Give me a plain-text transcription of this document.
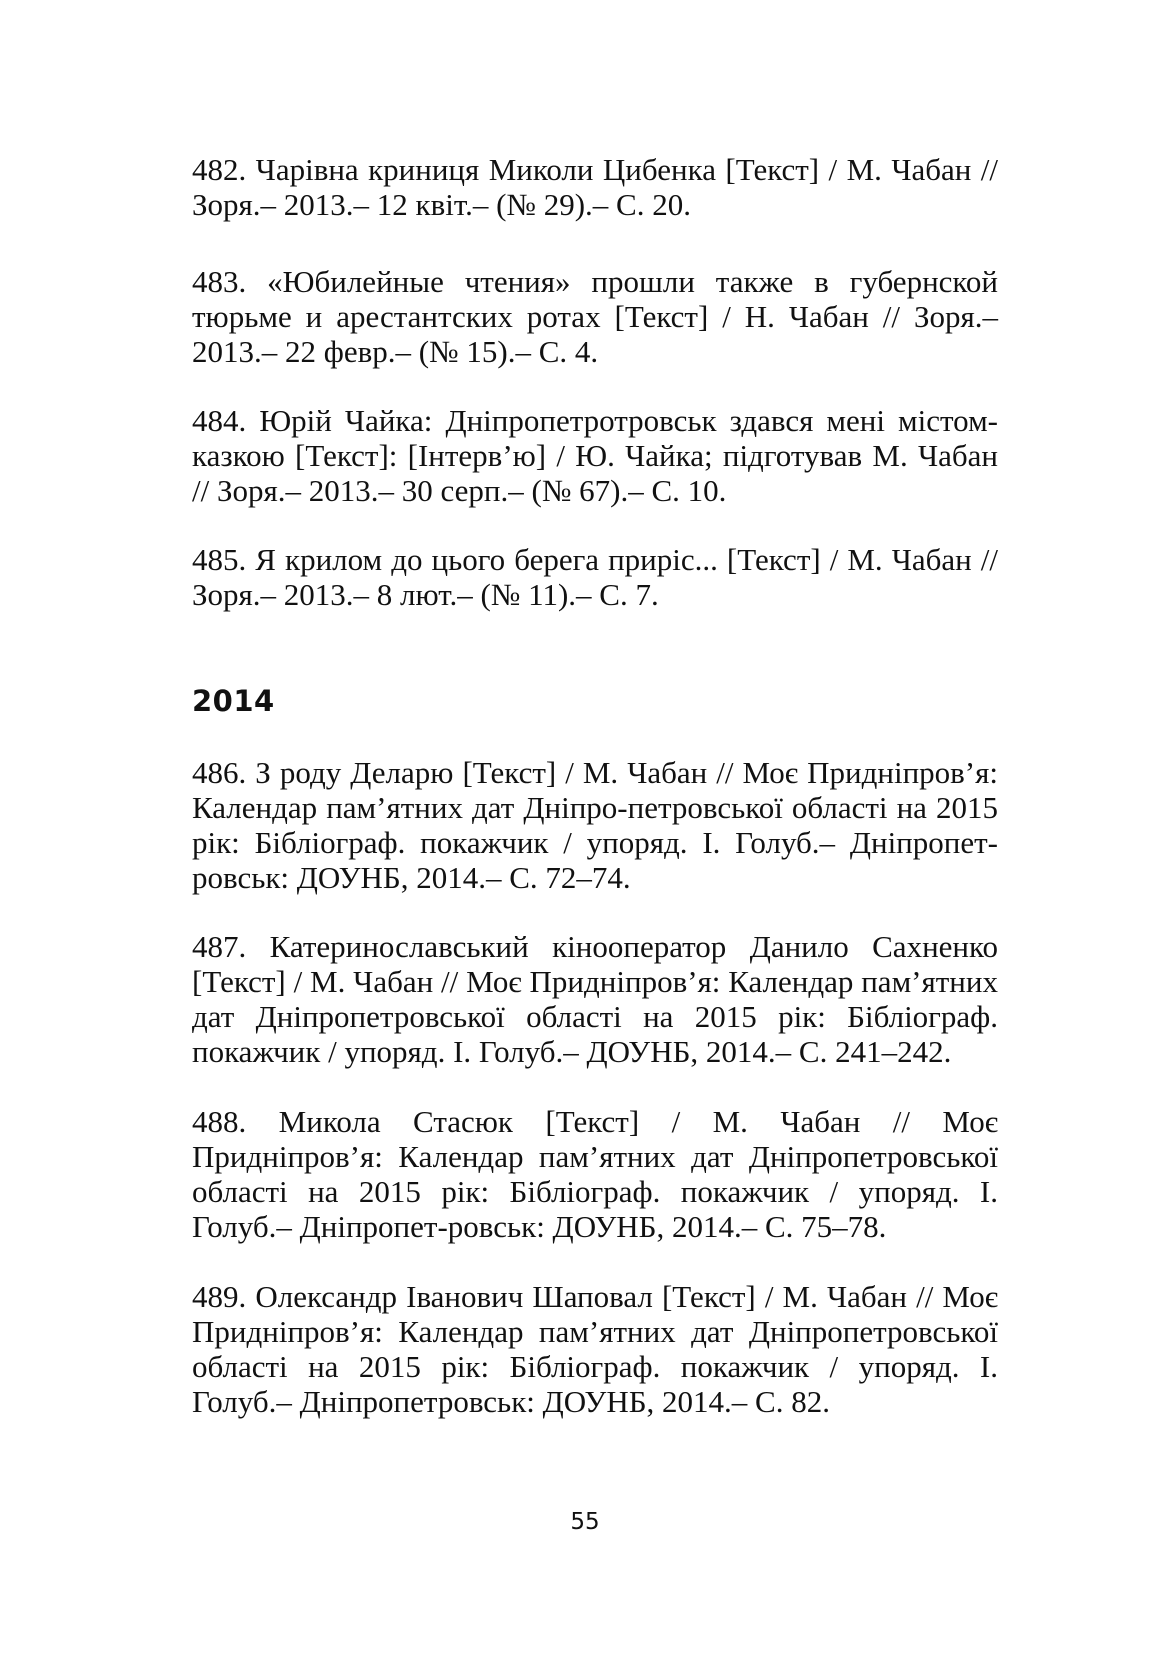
482. Чарівна криниця Миколи Цибенка [Текст] / М. Чабан // Зоря.– 2013.– 12 квіт.– (№ 29).– С. 20.

483. «Юбилейные чтения» прошли также в губернской тюрьме и арестантских ротах [Текст] / Н. Чабан // Зоря.– 2013.– 22 февр.– (№ 15).– С. 4.

484. Юрій Чайка: Дніпропетротровськ здався мені містом-казкою [Текст]: [Інтерв’ю] / Ю. Чайка; підготував М. Чабан // Зоря.– 2013.– 30 серп.– (№ 67).– С. 10.

485. Я крилом до цього берега приріс... [Текст] / М. Чабан // Зоря.– 2013.– 8 лют.– (№ 11).– С. 7.

2014

486. З роду Деларю [Текст] / М. Чабан // Моє Придніпров’я: Календар пам’ятних дат Дніпро-петровської області на 2015 рік: Бібліограф. покажчик / упоряд. І. Голуб.– Дніпропет-ровськ: ДОУНБ, 2014.– С. 72–74.

487. Катеринославський кінооператор Данило Сахненко [Текст] / М. Чабан // Моє Придніпров’я: Календар пам’ятних дат Дніпропетровської області на 2015 рік: Бібліограф. покажчик / упоряд. І. Голуб.– ДОУНБ, 2014.– С. 241–242.

488. Микола Стасюк [Текст] / М. Чабан // Моє Придніпров’я: Календар пам’ятних дат Дніпропетровської області на 2015 рік: Бібліограф. покажчик / упоряд. І. Голуб.– Дніпропет-ровськ: ДОУНБ, 2014.– С. 75–78.

489. Олександр Іванович Шаповал [Текст] / М. Чабан // Моє Придніпров’я: Календар пам’ятних дат Дніпропетровської області на 2015 рік: Бібліограф. покажчик / упоряд. І. Голуб.– Дніпропетровськ: ДОУНБ, 2014.– С. 82.

55
